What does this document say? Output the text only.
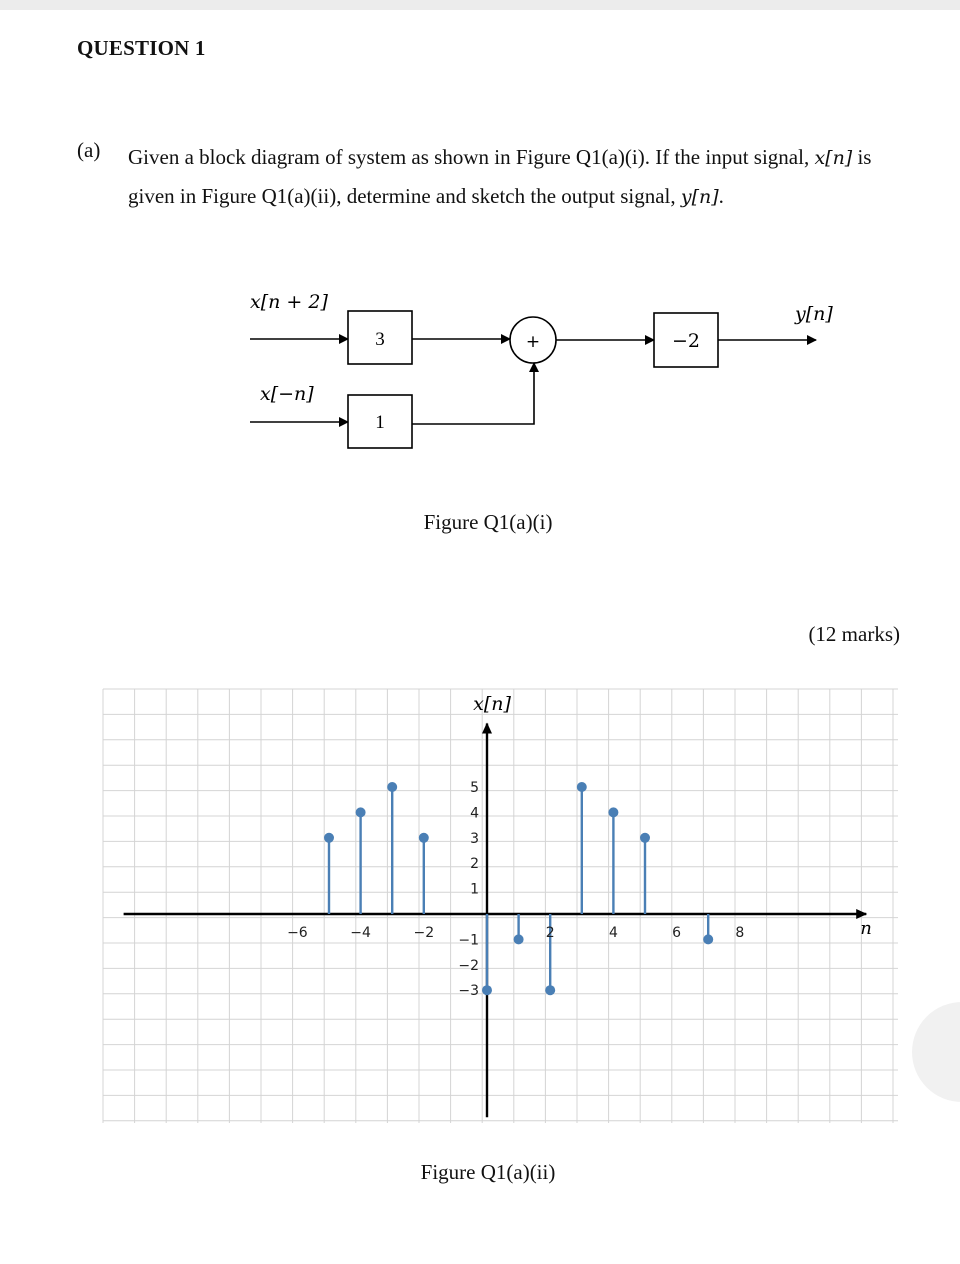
QUESTION 1
(a) Given a block diagram of system as shown in Figure Q1(a)(i). If the input signal, x[n] is given in Figure Q1(a)(ii), determine and sketch the output signal, y[n].
x[n + 2]
3	+
x[−n]
1
−2
y[n]
Figure Q1(a)(i)
(12 marks)
−6	−4	−2	2	4	6	8
5
4
3
2
1
−1
−2
−3
x[n]
n
Figure Q1(a)(ii)
